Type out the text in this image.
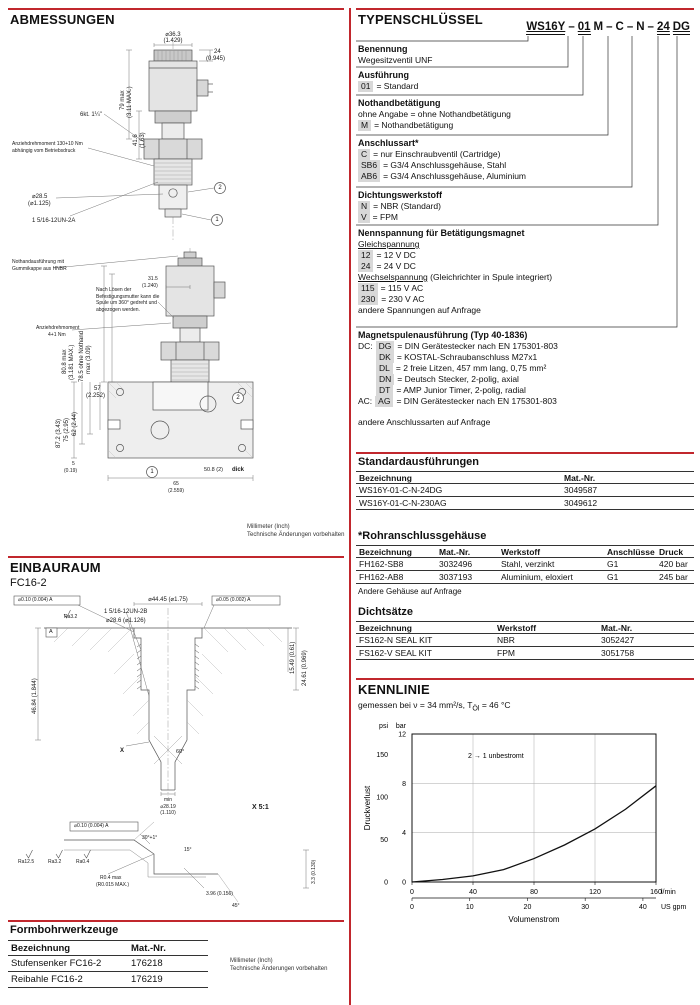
ABMESSUNGEN
⌀36.3
(1.429)
24
(0.945)
79 max (3.11 MAX.)
41.6 (1.63)
6kt. 1¼"
Anziehdrehmoment 130+10 Nm
abhängig vom Betriebsdruck
⌀28.5
(⌀1.125)
1 5/16-12UN-2A
2
1
Nothandausführung mit
Gummikappe aus HNBR
31.5
(1.240)
Nach Lösen der
Befestigungsmutter kann die
Spule um 360° gedreht und
abgezogen werden.
Anziehdrehmoment
4+1 Nm
80.8 max (3.181 MAX.) 78.5 ohne Nothand max (3.09)
57
(2.252)
87.2 (3.43) 75 (2.95) 62 (2.44)
2
1
5
(0.19)
65
(2.559)
50.8 (2) dick
Millimeter (Inch)
Technische Änderungen vorbehalten
EINBAURAUM
FC16-2
⌀44.45 (⌀1.75)
1 5/16-12UN-2B
⌀28.6 (⌀1.126)
Ra3.2
⌀0.10 (0.004) A	⌀0.05 (0.002) A
A
46.84 (1.844)
24.61 (0.969)
15.49 (0.61)
60°
X
min
⌀28.19
(1.110)
X 5:1
⌀0.10 (0.004) A
30°+1°
15°
Ra12.5	Ra3.2	Ra0.4
R0.4 max
(R0.015 MAX.)
3.3 (0.130)
3.96 (0.156)
45°
Formbohrwerkzeuge
Bezeichnung	Mat.-Nr.
Stufensenker FC16-2	176218
Reibahle FC16-2	176219
Millimeter (Inch)
Technische Änderungen vorbehalten
TYPENSCHLÜSSEL	WS16Y – 01 M – C – N – 24 DG
Benennung
Wegesitzventil UNF
Ausführung
01 = Standard
Nothandbetätigung
ohne Angabe = ohne Nothandbetätigung
M = Nothandbetätigung
Anschlussart*
C = nur Einschraubventil (Cartridge)
SB6 = G3/4 Anschlussgehäuse, Stahl
AB6 = G3/4 Anschlussgehäuse, Aluminium
Dichtungswerkstoff
N = NBR (Standard)
V = FPM
Nennspannung für Betätigungsmagnet
Gleichspannung
12 = 12 V DC
24 = 24 V DC
Wechselspannung (Gleichrichter in Spule integriert)
115 = 115 V AC
230 = 230 V AC
andere Spannungen auf Anfrage
Magnetspulenausführung (Typ 40-1836)
DC: DG = DIN Gerätestecker nach EN 175301-803
DK = KOSTAL-Schraubanschluss M27x1
DL = 2 freie Litzen, 457 mm lang, 0,75 mm²
DN = Deutsch Stecker, 2-polig, axial
DT = AMP Junior Timer, 2-polig, radial
AC: AG = DIN Gerätestecker nach EN 175301-803
andere Anschlussarten auf Anfrage
Standardausführungen
Bezeichnung	Mat.-Nr.
WS16Y-01-C-N-24DG	3049587
WS16Y-01-C-N-230AG	3049612
*Rohranschlussgehäuse
Bezeichnung	Mat.-Nr.	Werkstoff	Anschlüsse Druck
FH162-SB8	3032496	Stahl, verzinkt	G1	420 bar
FH162-AB8	3037193	Aluminium, eloxiert	G1	245 bar
Andere Gehäuse auf Anfrage
Dichtsätze
Bezeichnung	Werkstoff	Mat.-Nr.
FS162-N SEAL KIT	NBR	3052427
FS162-V SEAL KIT	FPM	3051758
KENNLINIE
gemessen bei ν = 34 mm²/s, $T_{Öl} = 46$ °C
0
4
8
12
0
50
100
150
0	40	80	120	160
0	10	20	30	40
psi bar
l/min
US gpm
Volumenstrom
Druckverlust
2 → 1 unbestromt
